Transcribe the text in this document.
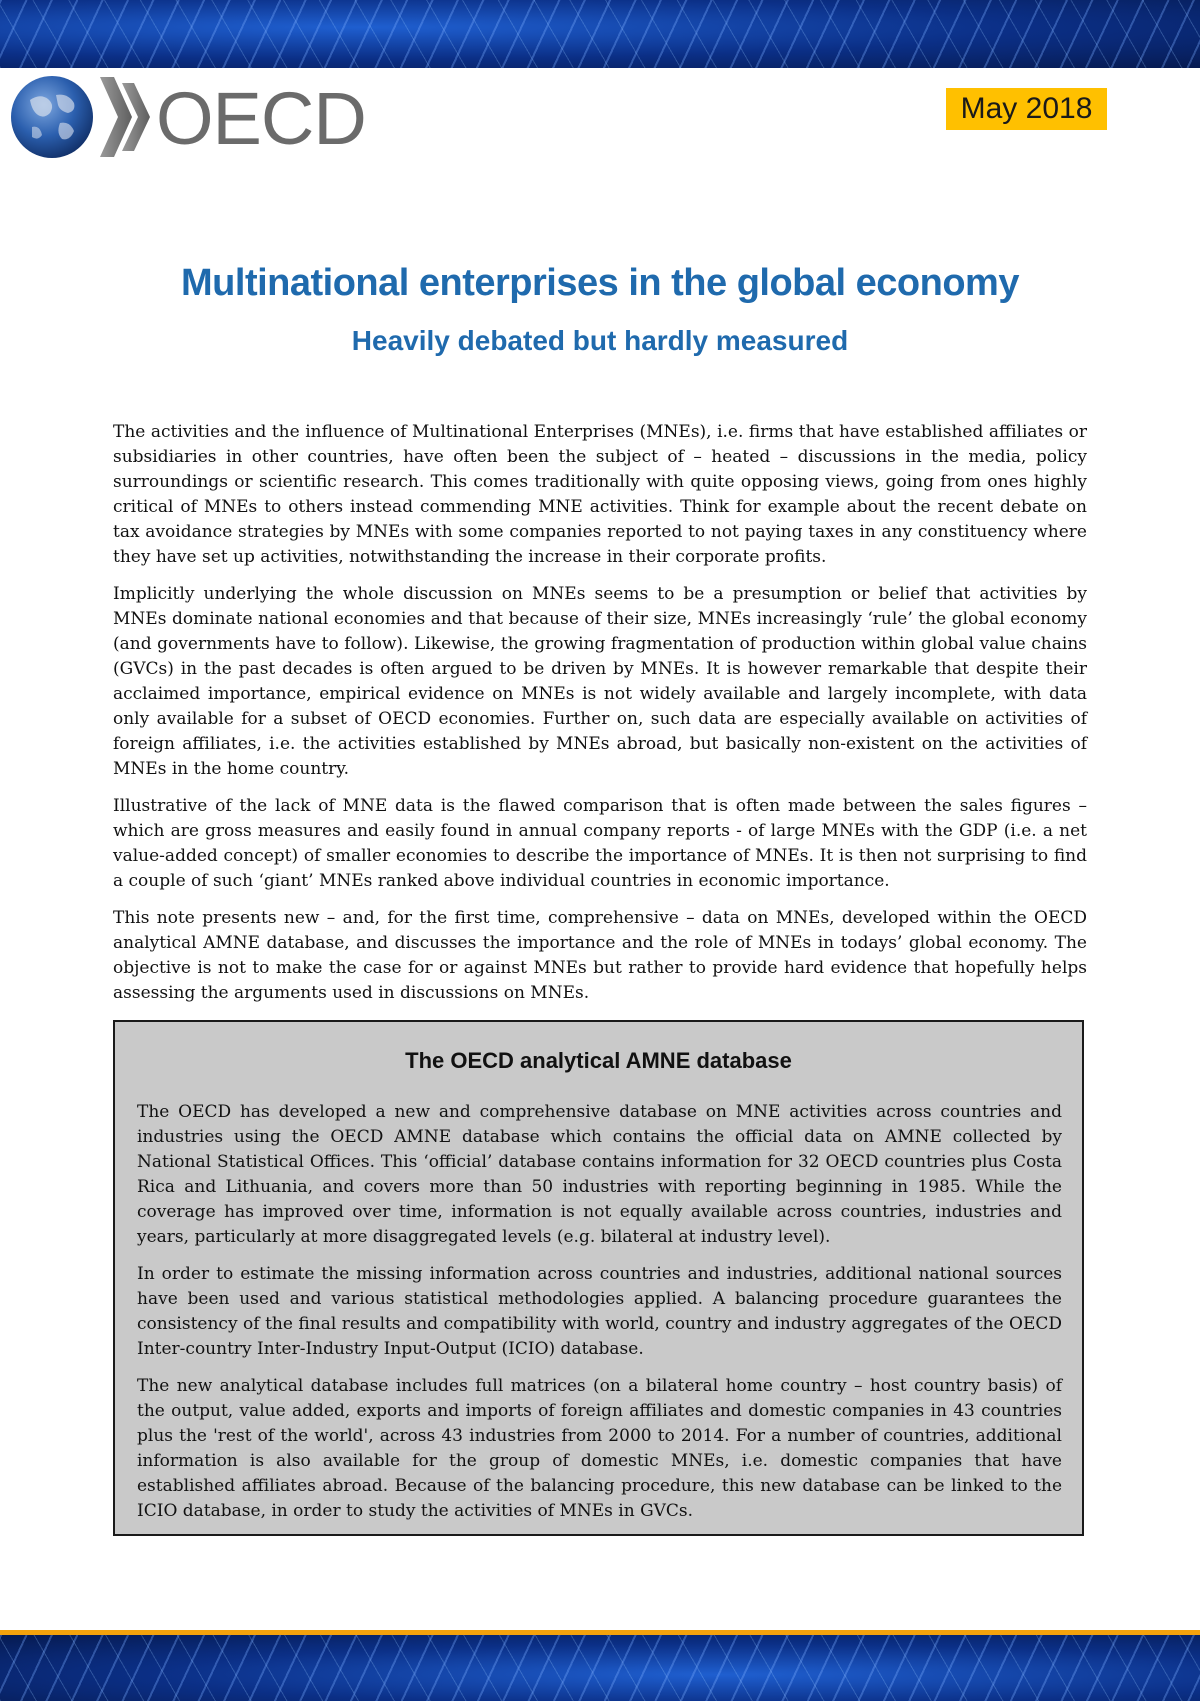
OECD	May 2018
Multinational enterprises in the global economy
Heavily debated but hardly measured

The activities and the influence of Multinational Enterprises (MNEs), i.e. firms that have established affiliates or subsidiaries in other countries, have often been the subject of – heated – discussions in the media, policy surroundings or scientific research. This comes traditionally with quite opposing views, going from ones highly critical of MNEs to others instead commending MNE activities. Think for example about the recent debate on tax avoidance strategies by MNEs with some companies reported to not paying taxes in any constituency where they have set up activities, notwithstanding the increase in their corporate profits.

Implicitly underlying the whole discussion on MNEs seems to be a presumption or belief that activities by MNEs dominate national economies and that because of their size, MNEs increasingly ‘rule’ the global economy (and governments have to follow). Likewise, the growing fragmentation of production within global value chains (GVCs) in the past decades is often argued to be driven by MNEs. It is however remarkable that despite their acclaimed importance, empirical evidence on MNEs is not widely available and largely incomplete, with data only available for a subset of OECD economies. Further on, such data are especially available on activities of foreign affiliates, i.e. the activities established by MNEs abroad, but basically non-existent on the activities of MNEs in the home country.

Illustrative of the lack of MNE data is the flawed comparison that is often made between the sales figures – which are gross measures and easily found in annual company reports - of large MNEs with the GDP (i.e. a net value-added concept) of smaller economies to describe the importance of MNEs. It is then not surprising to find a couple of such ‘giant’ MNEs ranked above individual countries in economic importance.

This note presents new – and, for the first time, comprehensive – data on MNEs, developed within the OECD analytical AMNE database, and discusses the importance and the role of MNEs in todays’ global economy. The objective is not to make the case for or against MNEs but rather to provide hard evidence that hopefully helps assessing the arguments used in discussions on MNEs.

The OECD analytical AMNE database

The OECD has developed a new and comprehensive database on MNE activities across countries and industries using the OECD AMNE database which contains the official data on AMNE collected by National Statistical Offices. This ‘official’ database contains information for 32 OECD countries plus Costa Rica and Lithuania, and covers more than 50 industries with reporting beginning in 1985. While the coverage has improved over time, information is not equally available across countries, industries and years, particularly at more disaggregated levels (e.g. bilateral at industry level).

In order to estimate the missing information across countries and industries, additional national sources have been used and various statistical methodologies applied. A balancing procedure guarantees the consistency of the final results and compatibility with world, country and industry aggregates of the OECD Inter-country Inter-Industry Input-Output (ICIO) database.

The new analytical database includes full matrices (on a bilateral home country – host country basis) of the output, value added, exports and imports of foreign affiliates and domestic companies in 43 countries plus the 'rest of the world', across 43 industries from 2000 to 2014. For a number of countries, additional information is also available for the group of domestic MNEs, i.e. domestic companies that have established affiliates abroad. Because of the balancing procedure, this new database can be linked to the ICIO database, in order to study the activities of MNEs in GVCs.
